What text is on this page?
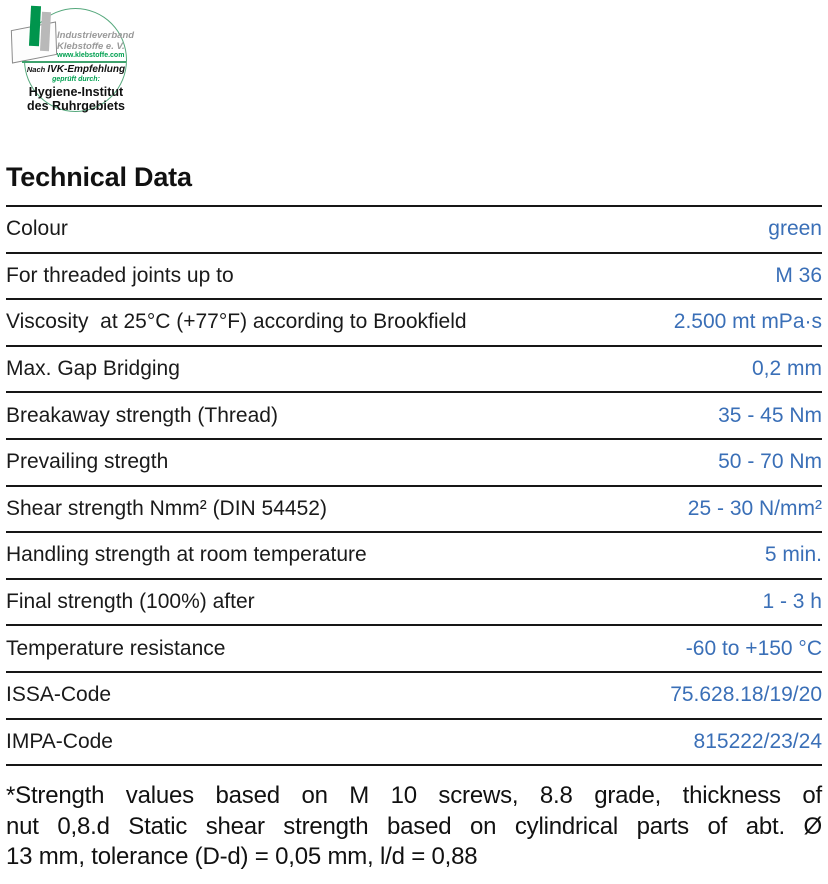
Industrieverband
Klebstoffe e. V.
www.klebstoffe.com
Nach IVK-Empfehlung
geprüft durch:
Hygiene-Institut
des Ruhrgebiets
Technical Data
Colour	green
For threaded joints up to	M 36
Viscosity  at 25°C (+77°F) according to Brookfield	2.500 mt mPa·s
Max. Gap Bridging	0,2 mm
Breakaway strength (Thread)	35 - 45 Nm
Prevailing stregth	50 - 70 Nm
Shear strength Nmm² (DIN 54452)	25 - 30 N/mm²
Handling strength at room temperature	5 min.
Final strength (100%) after	1 - 3 h
Temperature resistance	-60 to +150 °C
ISSA-Code	75.628.18/19/20
IMPA-Code	815222/23/24
*Strength values based on M 10 screws, 8.8 grade, thickness of
nut 0,8.d Static shear strength based on cylindrical parts of abt. Ø
13 mm, tolerance (D-d) = 0,05 mm, l/d = 0,88
